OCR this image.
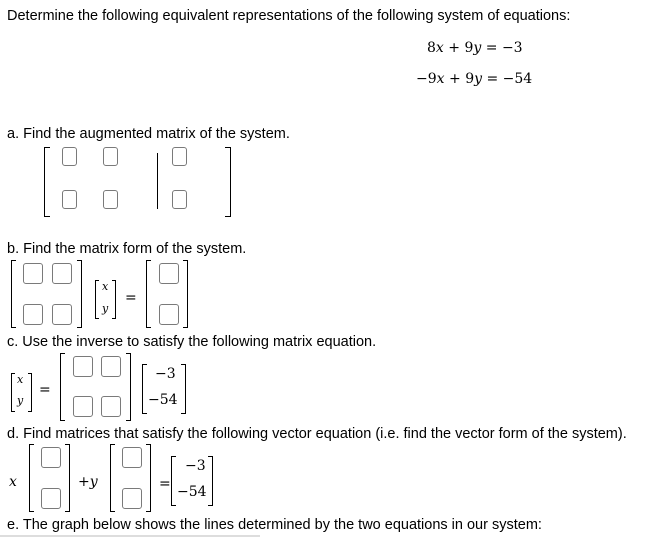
Determine the following equivalent representations of the following system of equations:
8x + 9y = −3
−9x + 9y = −54
a. Find the augmented matrix of the system.
b. Find the matrix form of the system.
x
y
=
c. Use the inverse to satisfy the following matrix equation.
x
y
=
−3
−54
d. Find matrices that satisfy the following vector equation (i.e. find the vector form of the system).
x	+y	=
−3
−54
e. The graph below shows the lines determined by the two equations in our system:
